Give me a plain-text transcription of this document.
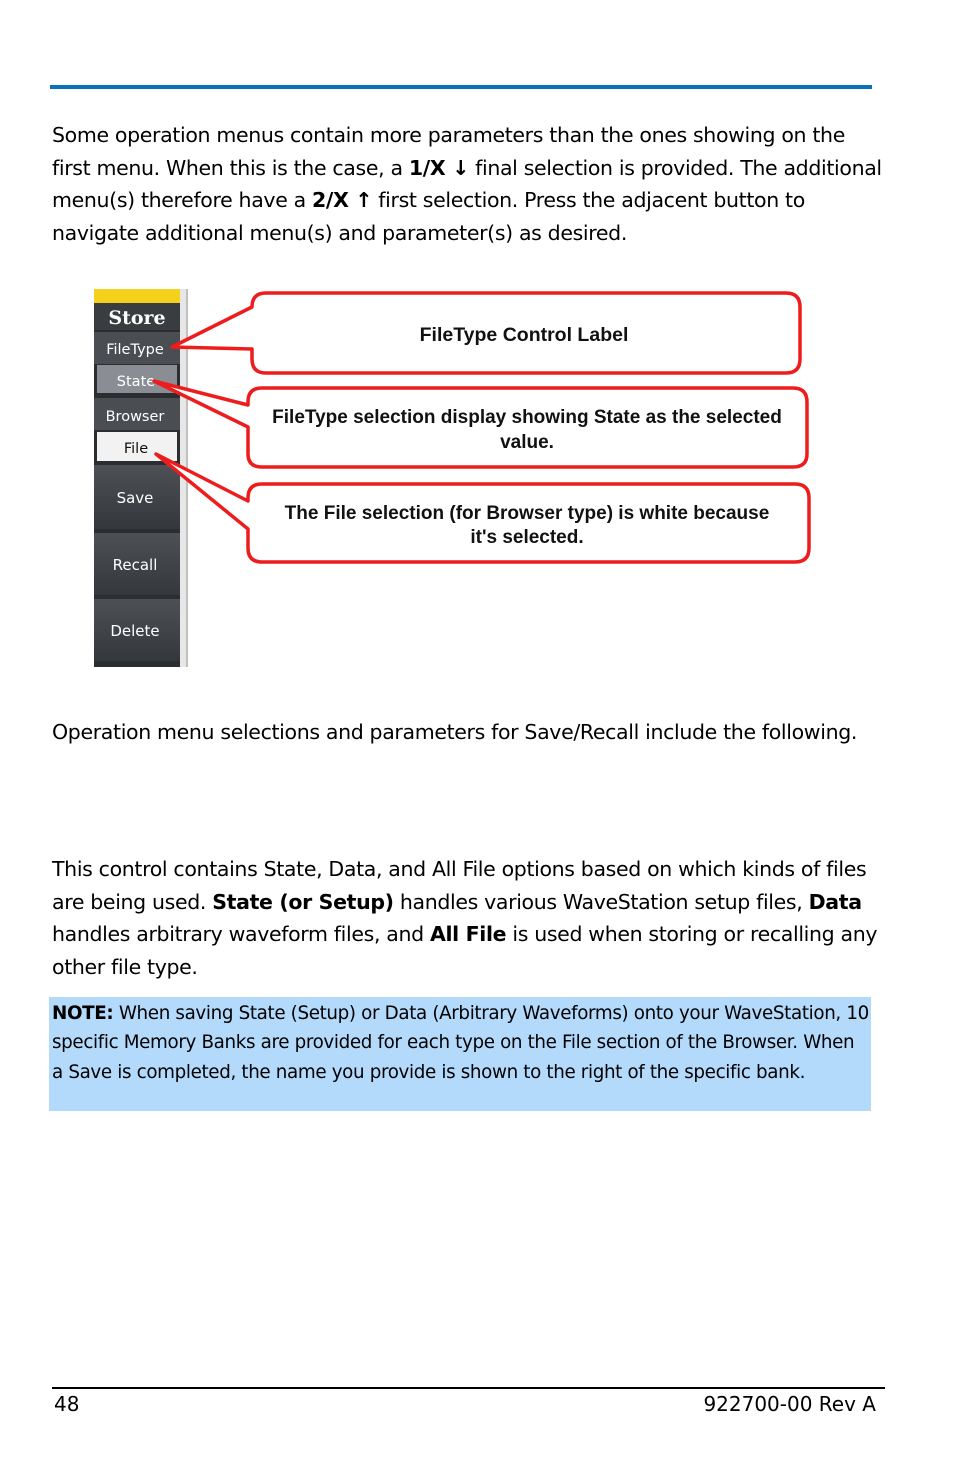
Some operation menus contain more parameters than the ones showing on the first menu. When this is the case, a 1/X ↓ final selection is provided. The additional menu(s) therefore have a 2/X ↑ first selection. Press the adjacent button to navigate additional menu(s) and parameter(s) as desired.

Store
FileType
State
Browser
File
Save
Recall
Delete
FileType Control Label
FileType selection display showing State as the selected
value.
The File selection (for Browser type) is white because
it's selected.

Operation menu selections and parameters for Save/Recall include the following.

This control contains State, Data, and All File options based on which kinds of files are being used. State (or Setup) handles various WaveStation setup files, Data handles arbitrary waveform files, and All File is used when storing or recalling any other file type.

NOTE: When saving State (Setup) or Data (Arbitrary Waveforms) onto your WaveStation, 10 specific Memory Banks are provided for each type on the File section of the Browser. When a Save is completed, the name you provide is shown to the right of the specific bank.
48	922700-00 Rev A
